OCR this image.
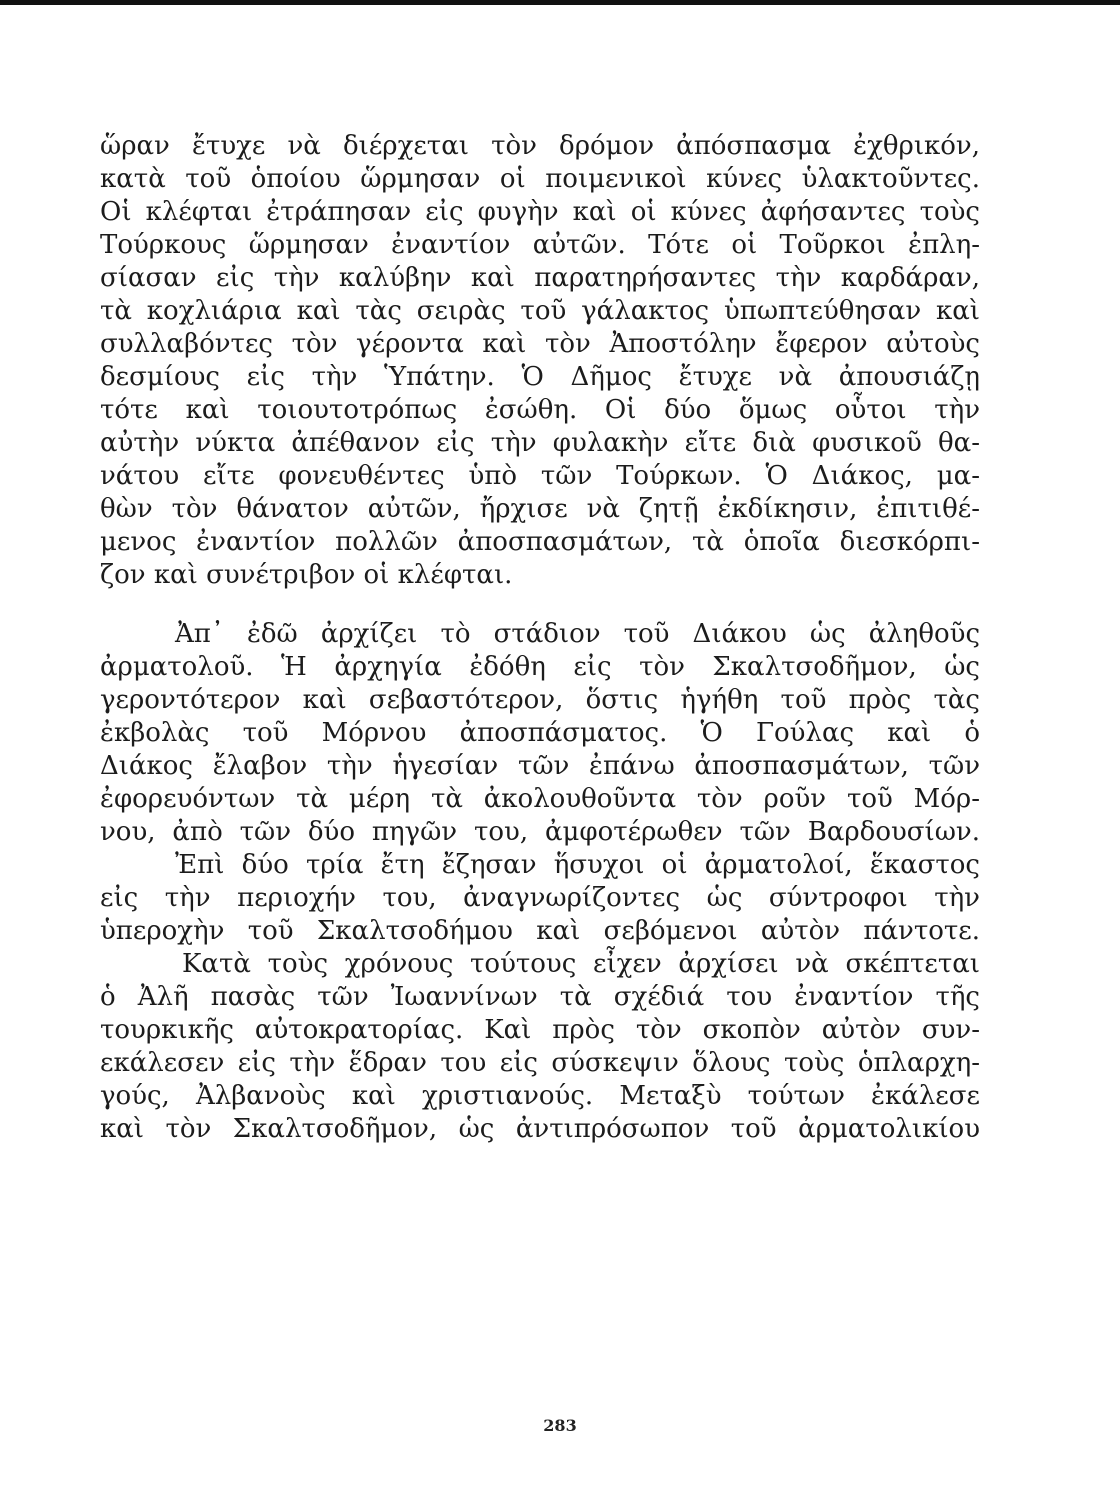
ὥραν ἔτυχε νὰ διέρχεται τὸν δρόμον ἀπόσπασμα ἐχθρικόν,
κατὰ τοῦ ὁποίου ὥρμησαν οἱ ποιμενικοὶ κύνες ὑλακτοῦντες.
Οἱ κλέφται ἐτράπησαν εἰς φυγὴν καὶ οἱ κύνες ἀφήσαντες τοὺς
Τούρκους ὥρμησαν ἐναντίον αὐτῶν. Τότε οἱ Τοῦρκοι ἐπλη-
σίασαν εἰς τὴν καλύβην καὶ παρατηρήσαντες τὴν καρδάραν,
τὰ κοχλιάρια καὶ τὰς σειρὰς τοῦ γάλακτος ὑπωπτεύθησαν καὶ
συλλαβόντες τὸν γέροντα καὶ τὸν Ἀποστόλην ἔφερον αὐτοὺς
δεσμίους εἰς τὴν Ὑπάτην. Ὁ Δῆμος ἔτυχε νὰ ἀπουσιάζῃ
τότε καὶ τοιουτοτρόπως ἐσώθη. Οἱ δύο ὅμως οὗτοι τὴν
αὐτὴν νύκτα ἀπέθανον εἰς τὴν φυλακὴν εἴτε διὰ φυσικοῦ θα-
νάτου εἴτε φονευθέντες ὑπὸ τῶν Τούρκων. Ὁ Διάκος, μα-
θὼν τὸν θάνατον αὐτῶν, ἤρχισε νὰ ζητῇ ἐκδίκησιν, ἐπιτιθέ-
μενος ἐναντίον πολλῶν ἀποσπασμάτων, τὰ ὁποῖα διεσκόρπι-
ζον καὶ συνέτριβον οἱ κλέφται.
Ἀπ᾽ ἐδῶ ἀρχίζει τὸ στάδιον τοῦ Διάκου ὡς ἀληθοῦς
ἀρματολοῦ. Ἡ ἀρχηγία ἐδόθη εἰς τὸν Σκαλτσοδῆμον, ὡς
γεροντότερον καὶ σεβαστότερον, ὅστις ἡγήθη τοῦ πρὸς τὰς
ἐκβολὰς τοῦ Μόρνου ἀποσπάσματος. Ὁ Γούλας καὶ ὁ
Διάκος ἔλαβον τὴν ἡγεσίαν τῶν ἐπάνω ἀποσπασμάτων, τῶν
ἐφορευόντων τὰ μέρη τὰ ἀκολουθοῦντα τὸν ροῦν τοῦ Μόρ-
νου, ἀπὸ τῶν δύο πηγῶν του, ἀμφοτέρωθεν τῶν Βαρδουσίων.
Ἐπὶ δύο τρία ἔτη ἔζησαν ἥσυχοι οἱ ἀρματολοί, ἕκαστος
εἰς τὴν περιοχήν του, ἀναγνωρίζοντες ὡς σύντροφοι τὴν
ὑπεροχὴν τοῦ Σκαλτσοδήμου καὶ σεβόμενοι αὐτὸν πάντοτε.
Κατὰ τοὺς χρόνους τούτους εἶχεν ἀρχίσει νὰ σκέπτεται
ὁ Ἀλῆ πασὰς τῶν Ἰωαννίνων τὰ σχέδιά του ἐναντίον τῆς
τουρκικῆς αὐτοκρατορίας. Καὶ πρὸς τὸν σκοπὸν αὐτὸν συν-
εκάλεσεν εἰς τὴν ἕδραν του εἰς σύσκεψιν ὅλους τοὺς ὁπλαρχη-
γούς, Ἀλβανοὺς καὶ χριστιανούς. Μεταξὺ τούτων ἐκάλεσε
καὶ τὸν Σκαλτσοδῆμον, ὡς ἀντιπρόσωπον τοῦ ἀρματολικίου
283
